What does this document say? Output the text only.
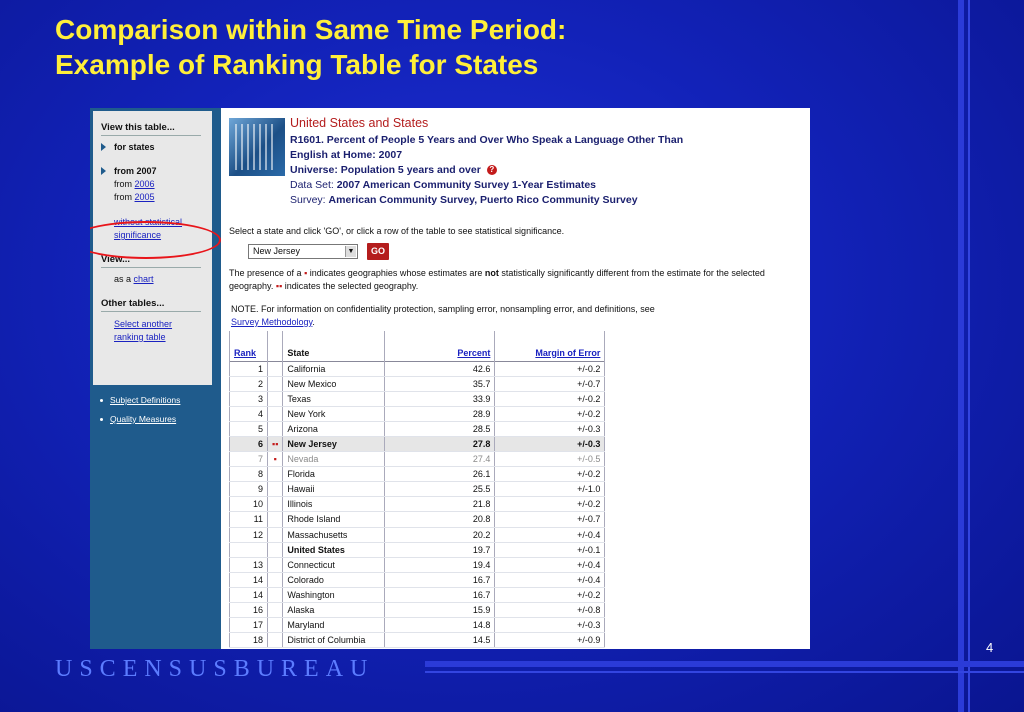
Comparison within Same Time Period:
Example of Ranking Table for States
View this table...
for states
from 2007
from 2006
from 2005
without statistical
significance
View...
as a chart
Other tables...
Select another
ranking table
Subject Definitions
Quality Measures
United States and States
R1601. Percent of People 5 Years and Over Who Speak a Language Other Than
English at Home: 2007
Universe: Population 5 years and over ?
Data Set: 2007 American Community Survey 1-Year Estimates
Survey: American Community Survey, Puerto Rico Community Survey
Select a state and click 'GO', or click a row of the table to see statistical significance.
New Jersey	▼	GO
The presence of a ▪ indicates geographies whose estimates are not statistically significantly different from the estimate for the selected geography. ▪▪ indicates the selected geography.
NOTE. For information on confidentiality protection, sampling error, nonsampling error, and definitions, see
Survey Methodology.
Rank		State	Percent	Margin of Error
1		California	42.6	+/-0.2
2		New Mexico	35.7	+/-0.7
3		Texas	33.9	+/-0.2
4		New York	28.9	+/-0.2
5		Arizona	28.5	+/-0.3
6	▪▪	New Jersey	27.8	+/-0.3
7	▪	Nevada	27.4	+/-0.5
8		Florida	26.1	+/-0.2
9		Hawaii	25.5	+/-1.0
10		Illinois	21.8	+/-0.2
11		Rhode Island	20.8	+/-0.7
12		Massachusetts	20.2	+/-0.4
		United States	19.7	+/-0.1
13		Connecticut	19.4	+/-0.4
14		Colorado	16.7	+/-0.4
14		Washington	16.7	+/-0.2
16		Alaska	15.9	+/-0.8
17		Maryland	14.8	+/-0.3
18		District of Columbia	14.5	+/-0.9	4
USCENSUSBUREAU
